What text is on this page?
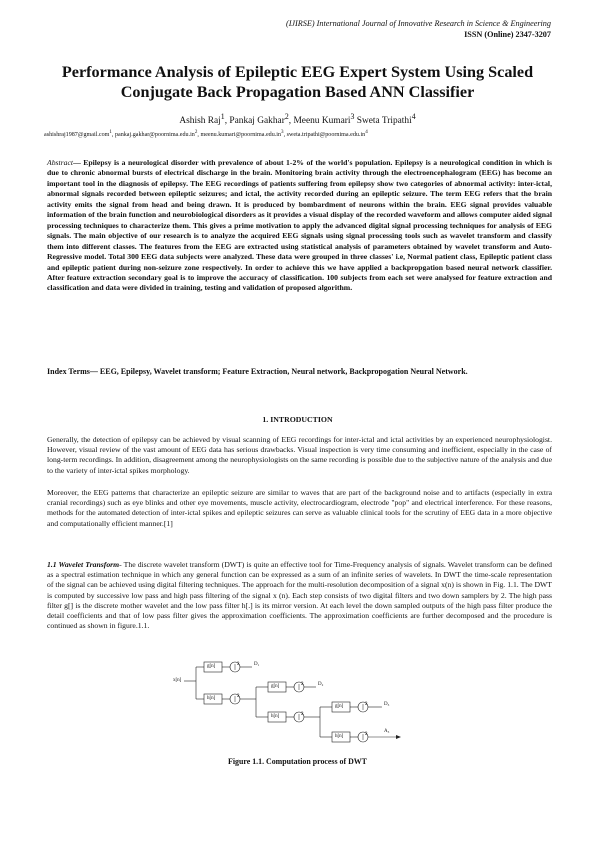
(IJIRSE) International Journal of Innovative Research in Science & Engineering
ISSN (Online) 2347-3207
Performance Analysis of Epileptic EEG Expert System Using Scaled Conjugate Back Propagation Based ANN Classifier
Ashish Raj$^1$, Pankaj Gakhar$^2$, Meenu Kumari$^3$ Sweta Tripathi$^4$
ashishraj1987@gmail.com$^1$, $pankaj.gakhar@poornima.edu.in^2$, $meenu.kumari@poornima.edu.in^3$, $sweta.tripathi@poornima.edu.in^4$

Abstract— Epilepsy is a neurological disorder with prevalence of about 1-2% of the world's population. Epilepsy is a neurological condition in which is due to chronic abnormal bursts of electrical discharge in the brain. Monitoring brain activity through the electroencephalogram (EEG) has become an important tool in the diagnosis of epilepsy. The EEG recordings of patients suffering from epilepsy show two categories of abnormal activity: inter-ictal, abnormal signals recorded between epileptic seizures; and ictal, the activity recorded during an epileptic seizure. The term EEG refers that the brain activity emits the signal from head and being drawn. It is produced by bombardment of neurons within the brain. EEG signal provides valuable information of the brain function and neurobiological disorders as it provides a visual display of the recorded waveform and allows computer aided signal processing techniques to characterize them. This gives a prime motivation to apply the advanced digital signal processing techniques for analysis of EEG signals. The main objective of our research is to analyze the acquired EEG signals using signal processing tools such as wavelet transform and classify them into different classes. The features from the EEG are extracted using statistical analysis of parameters obtained by wavelet transform and Auto-Regressive model. Total 300 EEG data subjects were analyzed. These data were grouped in three classes' i.e, Normal patient class, Epileptic patient class and epileptic patient during non-seizure zone respectively. In order to achieve this we have applied a backpropgation based neural network classifier. After feature extraction secondary goal is to improve the accuracy of classification. 100 subjects from each set were analysed for feature extraction and classification and data were divided in training, testing and validation of proposed algorithm.

Index Terms— EEG, Epilepsy, Wavelet transform; Feature Extraction, Neural network, Backpropogation Neural Network.

1. INTRODUCTION

Generally, the detection of epilepsy can be achieved by visual scanning of EEG recordings for inter-ictal and ictal activities by an experienced neurophysiologist. However, visual review of the vast amount of EEG data has serious drawbacks. Visual inspection is very time consuming and inefficient, especially in the case of long-term recordings. In addition, disagreement among the neurophysiologists on the same recording is possible due to the subjective nature of the analysis and due to the variety of inter-ictal spikes morphology.

Moreover, the EEG patterns that characterize an epileptic seizure are similar to waves that are part of the background noise and to artifacts (especially in extra cranial recordings) such as eye blinks and other eye movements, muscle activity, electrocardiogram, electrode "pop" and electrical interference. For these reasons, methods for the automated detection of inter-ictal spikes and epileptic seizures can serve as valuable clinical tools for the scrutiny of EEG data in a more objective and computationally efficient manner.[1]

1.1 Wavelet Transform- The discrete wavelet transform (DWT) is quite an effective tool for Time-Frequency analysis of signals. Wavelet transform can be defined as a spectral estimation technique in which any general function can be expressed as a sum of an infinite series of wavelets. In DWT the time-scale representation of the signal can be achieved using digital filtering techniques. The approach for the multi-resolution decomposition of a signal x(n) is shown in Fig. 1.1. The DWT is computed by successive low pass and high pass filtering of the signal x (n). Each step consists of two digital filters and two down samplers by 2. The high pass filter g[] is the discrete mother wavelet and the low pass filter h[.] is its mirror version. At each level the down sampled outputs of the high pass filter produce the detail coefficients and that of low pass filter gives the approximation coefficients. The approximation coefficients are further decomposed and the procedure is continued as shown in figure.1.1.

x[n]
g[n]
h[n]
g[n]
h[n]
g[n]
h[n]
2
2
2
2
2
2
D₁
D₂
D₃
A₃

Figure 1.1. Computation process of DWT
